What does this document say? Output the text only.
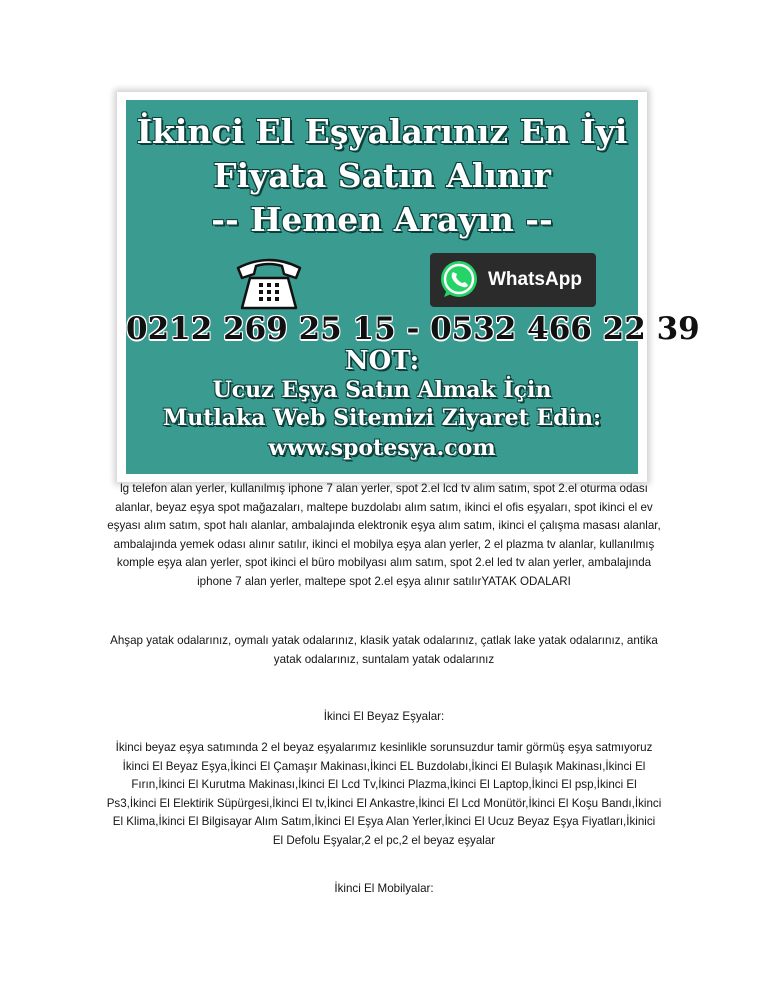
İkinci El Eşyalarınız En İyi
Fiyata Satın Alınır
-- Hemen Arayın --
WhatsApp
0212 269 25 15 - 0532 466 22 39
NOT:
Ucuz Eşya Satın Almak İçin
Mutlaka Web Sitemizi Ziyaret Edin:
www.spotesya.com
lg telefon alan yerler, kullanılmış iphone 7 alan yerler, spot 2.el lcd tv alım satım, spot 2.el oturma odası alanlar, beyaz eşya spot mağazaları, maltepe buzdolabı alım satım, ikinci el ofis eşyaları, spot ikinci el ev eşyası alım satım, spot halı alanlar, ambalajında elektronik eşya alım satım, ikinci el çalışma masası alanlar, ambalajında yemek odası alınır satılır, ikinci el mobilya eşya alan yerler, 2 el plazma tv alanlar, kullanılmış komple eşya alan yerler, spot ikinci el büro mobilyası alım satım, spot 2.el led tv alan yerler, ambalajında iphone 7 alan yerler, maltepe spot 2.el eşya alınır satılırYATAK ODALARI
Ahşap yatak odalarınız, oymalı yatak odalarınız, klasik yatak odalarınız, çatlak lake yatak odalarınız, antika yatak odalarınız, suntalam yatak odalarınız
İkinci El Beyaz Eşyalar:
İkinci beyaz eşya satımında 2 el beyaz eşyalarımız kesinlikle sorunsuzdur tamir görmüş eşya satmıyoruz İkinci El Beyaz Eşya,İkinci El Çamaşır Makinası,İkinci EL Buzdolabı,İkinci El Bulaşık Makinası,İkinci El Fırın,İkinci El Kurutma Makinası,İkinci El Lcd Tv,İkinci Plazma,İkinci El Laptop,İkinci El psp,İkinci El Ps3,İkinci El Elektirik Süpürgesi,İkinci El tv,İkinci El Ankastre,İkinci El Lcd Monütör,İkinci El Koşu Bandı,İkinci El Klima,İkinci El Bilgisayar Alım Satım,İkinci El Eşya Alan Yerler,İkinci El Ucuz Beyaz Eşya Fiyatları,İkinici El Defolu Eşyalar,2 el pc,2 el beyaz eşyalar
İkinci El Mobilyalar:
